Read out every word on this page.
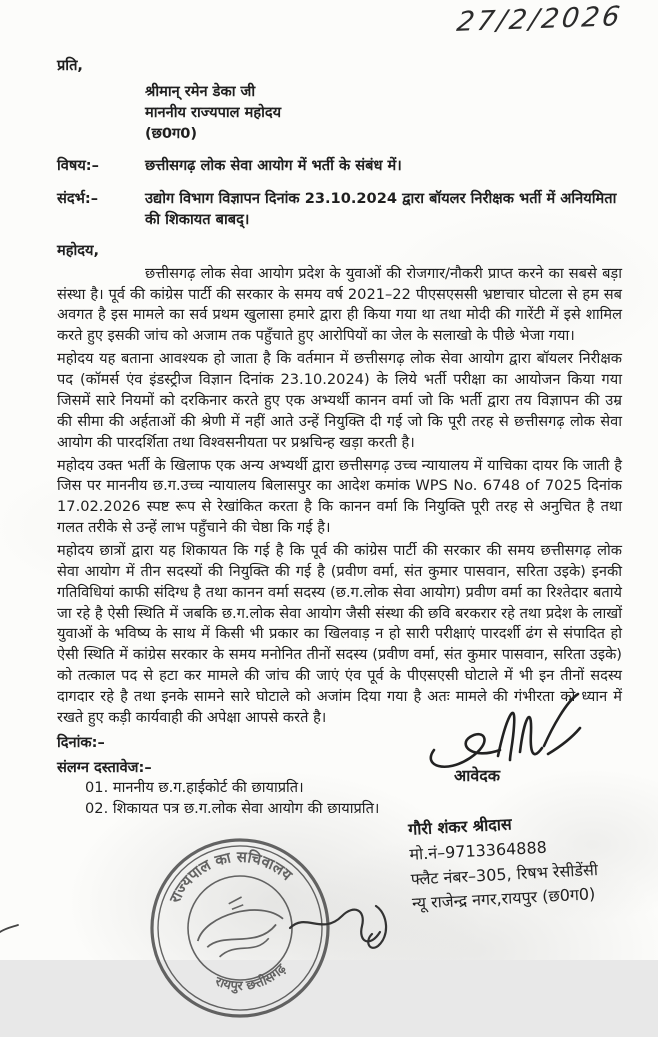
27/2/2026
प्रति,
श्रीमान् रमेन डेका जी
माननीय राज्यपाल महोदय
(छ0ग0)
विषय:–	छत्तीसगढ़ लोक सेवा आयोग में भर्ती के संबंध में।
संदर्भ:–	उद्योग विभाग विज्ञापन दिनांक 23.10.2024 द्वारा बॉयलर निरीक्षक भर्ती में अनियमिता की शिकायत बाबद्‌।
महोदय,

छत्तीसगढ़ लोक सेवा आयोग प्रदेश के युवाओं की रोजगार/नौकरी प्राप्त करने का सबसे बड़ा संस्था है। पूर्व की कांग्रेस पार्टी की सरकार के समय वर्ष 2021–22 पीएसएससी भ्रष्टाचार घोटला से हम सब अवगत है इस मामले का सर्व प्रथम खुलासा हमारे द्वारा ही किया गया था तथा मोदी की गारेंटी में इसे शामिल करते हुए इसकी जांच को अजाम तक पहुँचाते हुए आरोपियों का जेल के सलाखो के पीछे भेजा गया।

महोदय यह बताना आवश्यक हो जाता है कि वर्तमान में छत्तीसगढ़ लोक सेवा आयोग द्वारा बॉयलर निरीक्षक पद (कॉमर्स एंव इंडस्ट्रीज विज्ञान दिनांक 23.10.2024) के लिये भर्ती परीक्षा का आयोजन किया गया जिसमें सारे नियमों को दरकिनार करते हुए एक अभ्यर्थी कानन वर्मा जो कि भर्ती द्वारा तय विज्ञापन की उम्र की सीमा की अर्हताओं की श्रेणी में नहीं आते उन्हें नियुक्ति दी गई जो कि पूरी तरह से छत्तीसगढ़ लोक सेवा आयोग की पारदर्शिता तथा विश्वसनीयता पर प्रश्नचिन्ह खड़ा करती है।

महोदय उक्त भर्ती के खिलाफ एक अन्य अभ्यर्थी द्वारा छत्तीसगढ़ उच्च न्यायालय में याचिका दायर कि जाती है जिस पर माननीय छ.ग.उच्च न्यायालय बिलासपुर का आदेश कमांक WPS No. 6748 of 7025 दिनांक 17.02.2026 स्पष्ट रूप से रेखांकित करता है कि कानन वर्मा कि नियुक्ति पूरी तरह से अनुचित है तथा गलत तरीके से उन्हें लाभ पहुँचाने की चेष्ठा कि गई है।

महोदय छात्रों द्वारा यह शिकायत कि गई है कि पूर्व की कांग्रेस पार्टी की सरकार की समय छत्तीसगढ़ लोक सेवा आयोग में तीन सदस्यों की नियुक्ति की गई है (प्रवीण वर्मा, संत कुमार पासवान, सरिता उइके) इनकी गतिविधियां काफी संदिग्ध है तथा कानन वर्मा सदस्य (छ.ग.लोक सेवा आयोग) प्रवीण वर्मा का रिश्तेदार बताये जा रहे है ऐसी स्थिति में जबकि छ.ग.लोक सेवा आयोग जैसी संस्था की छवि बरकरार रहे तथा प्रदेश के लाखों युवाओं के भविष्य के साथ में किसी भी प्रकार का खिलवाड़ न हो सारी परीक्षाएं पारदर्शी ढंग से संपादित हो ऐसी स्थिति में कांग्रेस सरकार के समय मनोनित तीनों सदस्य (प्रवीण वर्मा, संत कुमार पासवान, सरिता उइके) को तत्काल पद से हटा कर मामले की जांच की जाएं एंव पूर्व के पीएसएसी घोटाले में भी इन तीनों सदस्य दागदार रहे है तथा इनके सामने सारे घोटाले को अजांम दिया गया है अतः मामले की गंभीरता को ध्यान में रखते हुए कड़ी कार्यवाही की अपेक्षा आपसे करते है।

दिनांक:–
संलग्न दस्तावेज:–
01. माननीय छ.ग.हाईकोर्ट की छायाप्रति।
02. शिकायत पत्र छ.ग.लोक सेवा आयोग की छायाप्रति।
आवेदक
गौरी शंकर श्रीदास
मो.नं–9713364888
फ्लैट नंबर–305, रिषभ रेसीडेंसी
न्यू राजेन्द्र नगर,रायपुर (छ0ग0)
राज्यपाल का सचिवालय
रायपुर छत्तीसगढ़
